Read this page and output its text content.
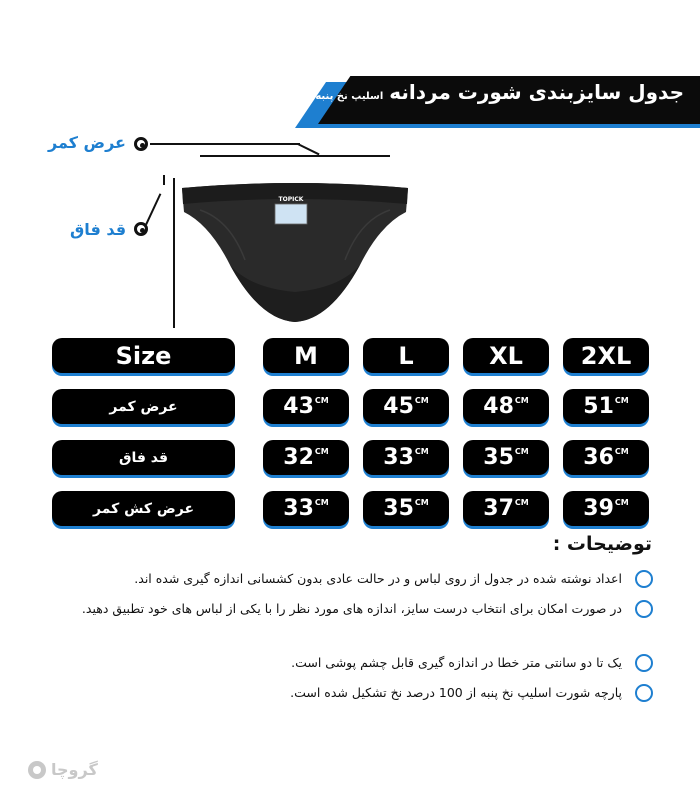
جدول سایزبندی شورت مردانه
اسلیپ نخ پنبه
عرض کمر
قد فاق
TOPICK
Size	M	L	XL	2XL
عرض کمر	$43^{CM}$ $45^{CM}$ $48^{CM}$ $51^{CM}$
قد فاق	$32^{CM}$ $33^{CM}$ $35^{CM}$ $36^{CM}$
عرض کش کمر	$33^{CM}$ $35^{CM}$ $37^{CM}$ $39^{CM}$
توضیحات :
اعداد نوشته شده در جدول از روی لباس و در حالت عادی بدون کشسانی اندازه گیری شده اند.
در صورت امکان برای انتخاب درست سایز، اندازه های مورد نظر را با یکی از لباس های خود تطبیق دهید.
یک تا دو سانتی متر خطا در اندازه گیری قابل چشم پوشی است.
پارچه شورت اسلیپ نخ پنبه از 100 درصد نخ تشکیل شده است.
گروچا
